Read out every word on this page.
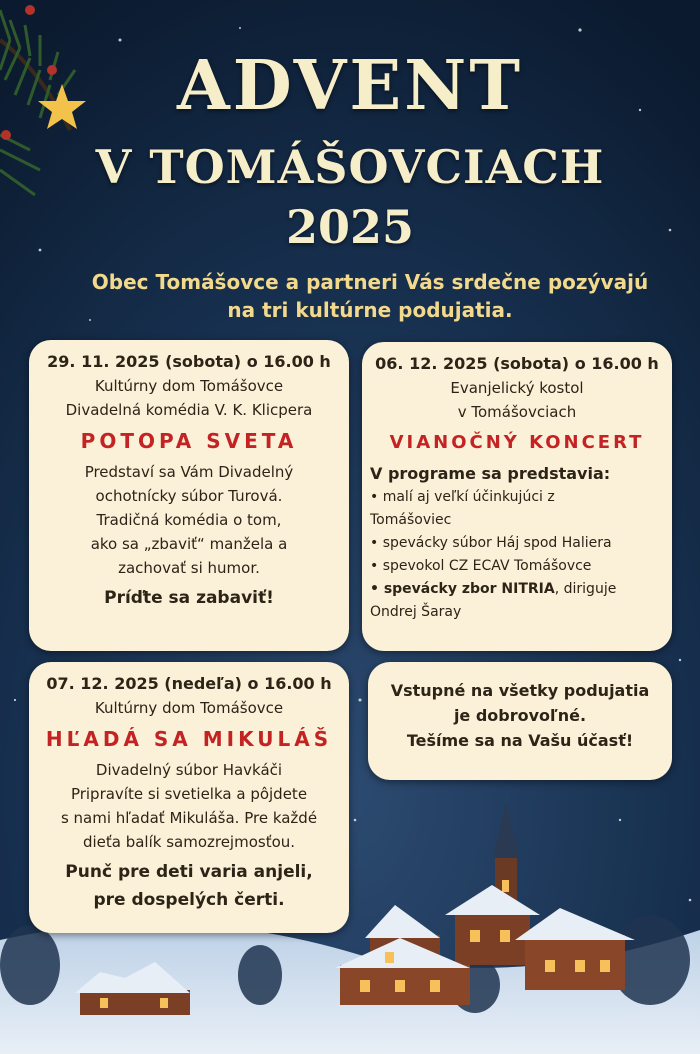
ADVENT
V TOMÁŠOVCIACH
2025
Obec Tomášovce a partneri Vás srdečne pozývajú
na tri kultúrne podujatia.
29. 11. 2025 (sobota) o 16.00 h
Kultúrny dom Tomášovce
Divadelná komédia V. K. Klicpera
POTOPA SVETA
Predstaví sa Vám Divadelný
ochotnícky súbor Turová.
Tradičná komédia o tom,
ako sa „zbaviť“ manžela a
zachovať si humor.
Príďte sa zabaviť!
06. 12. 2025 (sobota) o 16.00 h
Evanjelický kostol
v Tomášovciach
VIANOČNÝ KONCERT
V programe sa predstavia:
• malí aj veľkí účinkujúci z
Tomášoviec
• spevácky súbor Háj spod Haliera
• spevokol CZ ECAV Tomášovce
• spevácky zbor NITRIA, diriguje
Ondrej Šaray
07. 12. 2025 (nedeľa) o 16.00 h
Kultúrny dom Tomášovce
HĽADÁ SA MIKULÁŠ
Divadelný súbor Havkáči
Pripravíte si svetielka a pôjdete
s nami hľadať Mikuláša. Pre každé
dieťa balík samozrejmosťou.
Punč pre deti varia anjeli,
pre dospelých čerti.
Vstupné na všetky podujatia
je dobrovoľné.
Tešíme sa na Vašu účasť!
